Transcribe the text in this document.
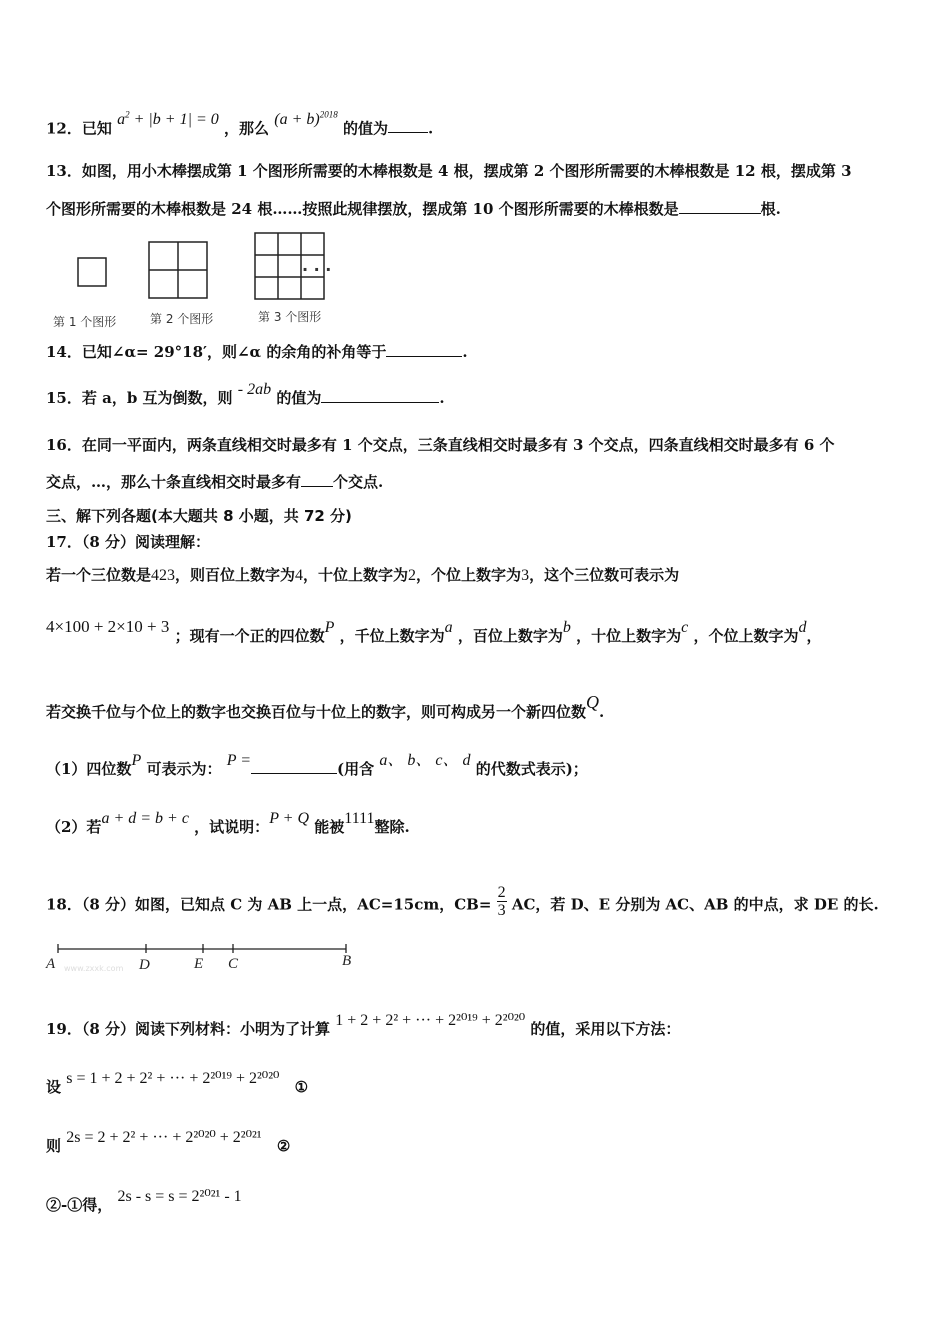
12．已知 $a^2 + |b + 1| = 0$ ，那么 $(a + b)^{2018}$ 的值为	.
13．如图，用小木棒摆成第 1 个图形所需要的木棒根数是 4 根，摆成第 2 个图形所需要的木棒根数是 12 根，摆成第 3
个图形所需要的木棒根数是 24 根……按照此规律摆放，摆成第 10 个图形所需要的木棒根数是	根.
· · ·
第 1 个图形	第 2 个图形	第 3 个图形
14．已知∠α= 29°18′，则∠α 的余角的补角等于	.
15．若 a，b 互为倒数，则 - 2ab 的值为	.
16．在同一平面内，两条直线相交时最多有 1 个交点，三条直线相交时最多有 3 个交点，四条直线相交时最多有 6 个
交点，…，那么十条直线相交时最多有 个交点.
三、解下列各题(本大题共 8 小题，共 72 分)
17．（8 分）阅读理解：
若一个三位数是423，则百位上数字为4，十位上数字为2，个位上数字为3，这个三位数可表示为
4×100 + 2×10 + 3 ；现有一个正的四位数P ，千位上数字为a ，百位上数字为b ，十位上数字为c ，个位上数字为d，
若交换千位与个位上的数字也交换百位与十位上的数字，则可构成另一个新四位数Q.
（1）四位数P 可表示为： P =	(用含 a、 b、 c、 d 的代数式表示)；
（2）若a + d = b + c ，试说明：P + Q 能被1111整除.
18．（8 分）如图，已知点 C 为 AB 上一点，AC=15cm，$CB= \frac{2}{3}$ AC，若 D、E 分别为 AC、AB 的中点，求 DE 的长.
A	D	E C	B
www.zxxk.com
19．（8 分）阅读下列材料：小明为了计算 1 + 2 + 2² + ··· + 2²⁰¹⁹ + 2²⁰²⁰ 的值，采用以下方法：
设 s = 1 + 2 + 2² + ··· + 2²⁰¹⁹ + 2²⁰²⁰ ①
则 2s = 2 + 2² + ··· + 2²⁰²⁰ + 2²⁰²¹ ②
②-①得， 2s - s = s = 2²⁰²¹ - 1
